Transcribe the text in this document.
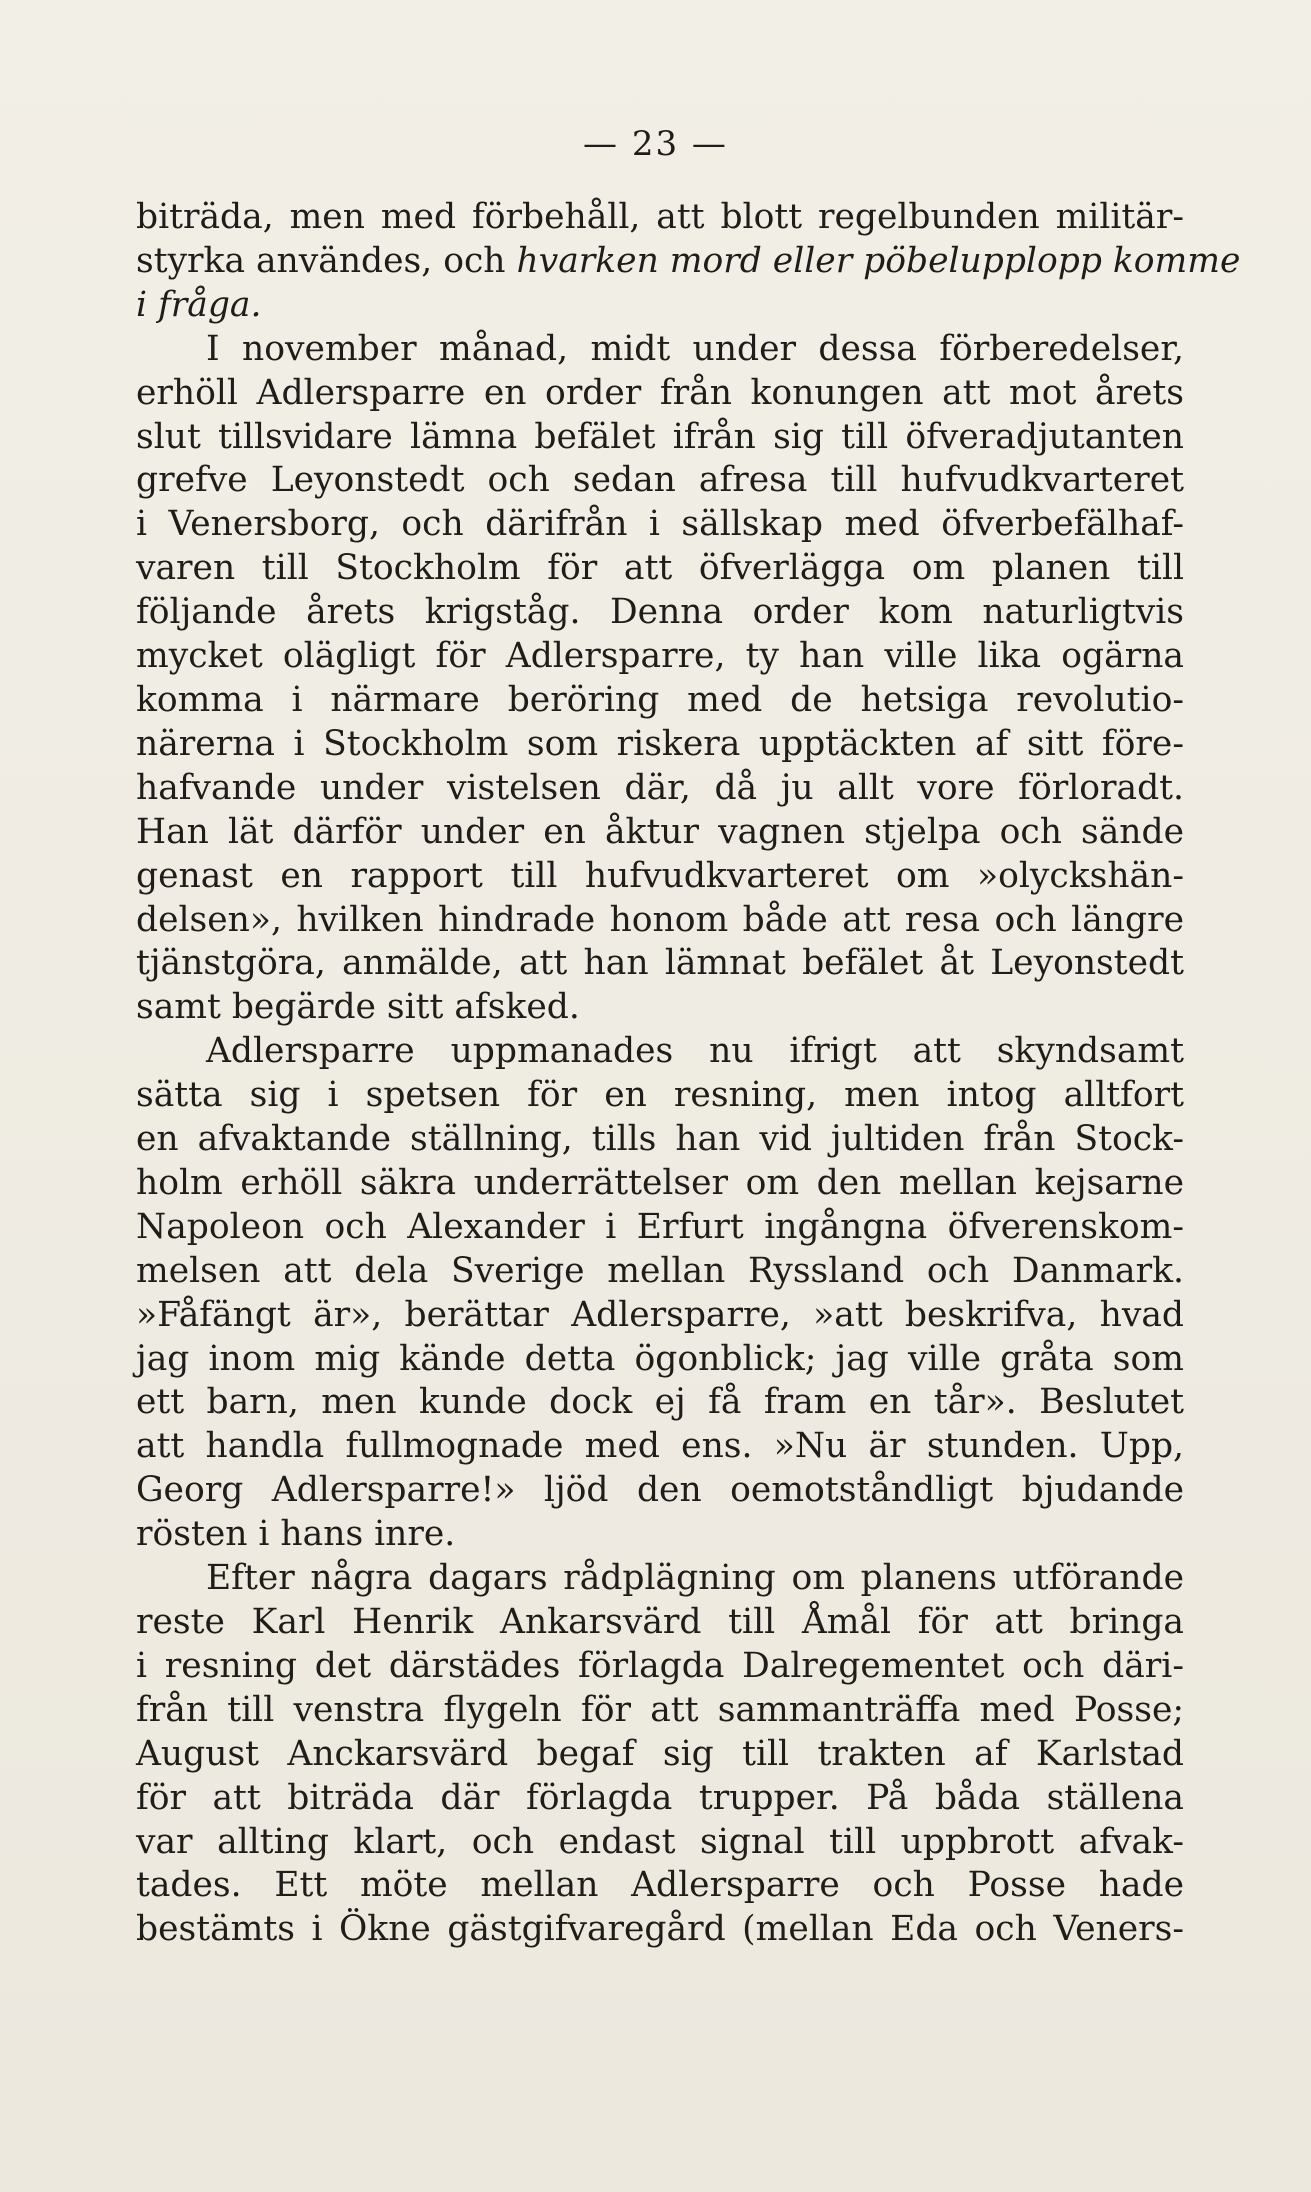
— 23 —
biträda, men med förbehåll, att blott regelbunden militär-
styrka användes, och hvarken mord eller pöbelupplopp komme
i fråga.
I november månad, midt under dessa förberedelser,
erhöll Adlersparre en order från konungen att mot årets
slut tillsvidare lämna befälet ifrån sig till öfveradjutanten
grefve Leyonstedt och sedan afresa till hufvudkvarteret
i Venersborg, och därifrån i sällskap med öfverbefälhaf-
varen till Stockholm för att öfverlägga om planen till
följande årets krigståg. Denna order kom naturligtvis
mycket olägligt för Adlersparre, ty han ville lika ogärna
komma i närmare beröring med de hetsiga revolutio-
närerna i Stockholm som riskera upptäckten af sitt före-
hafvande under vistelsen där, då ju allt vore förloradt.
Han lät därför under en åktur vagnen stjelpa och sände
genast en rapport till hufvudkvarteret om »olyckshän-
delsen», hvilken hindrade honom både att resa och längre
tjänstgöra, anmälde, att han lämnat befälet åt Leyonstedt
samt begärde sitt afsked.
Adlersparre uppmanades nu ifrigt att skyndsamt
sätta sig i spetsen för en resning, men intog alltfort
en afvaktande ställning, tills han vid jultiden från Stock-
holm erhöll säkra underrättelser om den mellan kejsarne
Napoleon och Alexander i Erfurt ingångna öfverenskom-
melsen att dela Sverige mellan Ryssland och Danmark.
»Fåfängt är», berättar Adlersparre, »att beskrifva, hvad
jag inom mig kände detta ögonblick; jag ville gråta som
ett barn, men kunde dock ej få fram en tår». Beslutet
att handla fullmognade med ens. »Nu är stunden. Upp,
Georg Adlersparre!» ljöd den oemotståndligt bjudande
rösten i hans inre.
Efter några dagars rådplägning om planens utförande
reste Karl Henrik Ankarsvärd till Åmål för att bringa
i resning det därstädes förlagda Dalregementet och däri-
från till venstra flygeln för att sammanträffa med Posse;
August Anckarsvärd begaf sig till trakten af Karlstad
för att biträda där förlagda trupper. På båda ställena
var allting klart, och endast signal till uppbrott afvak-
tades. Ett möte mellan Adlersparre och Posse hade
bestämts i Ökne gästgifvaregård (mellan Eda och Veners-
